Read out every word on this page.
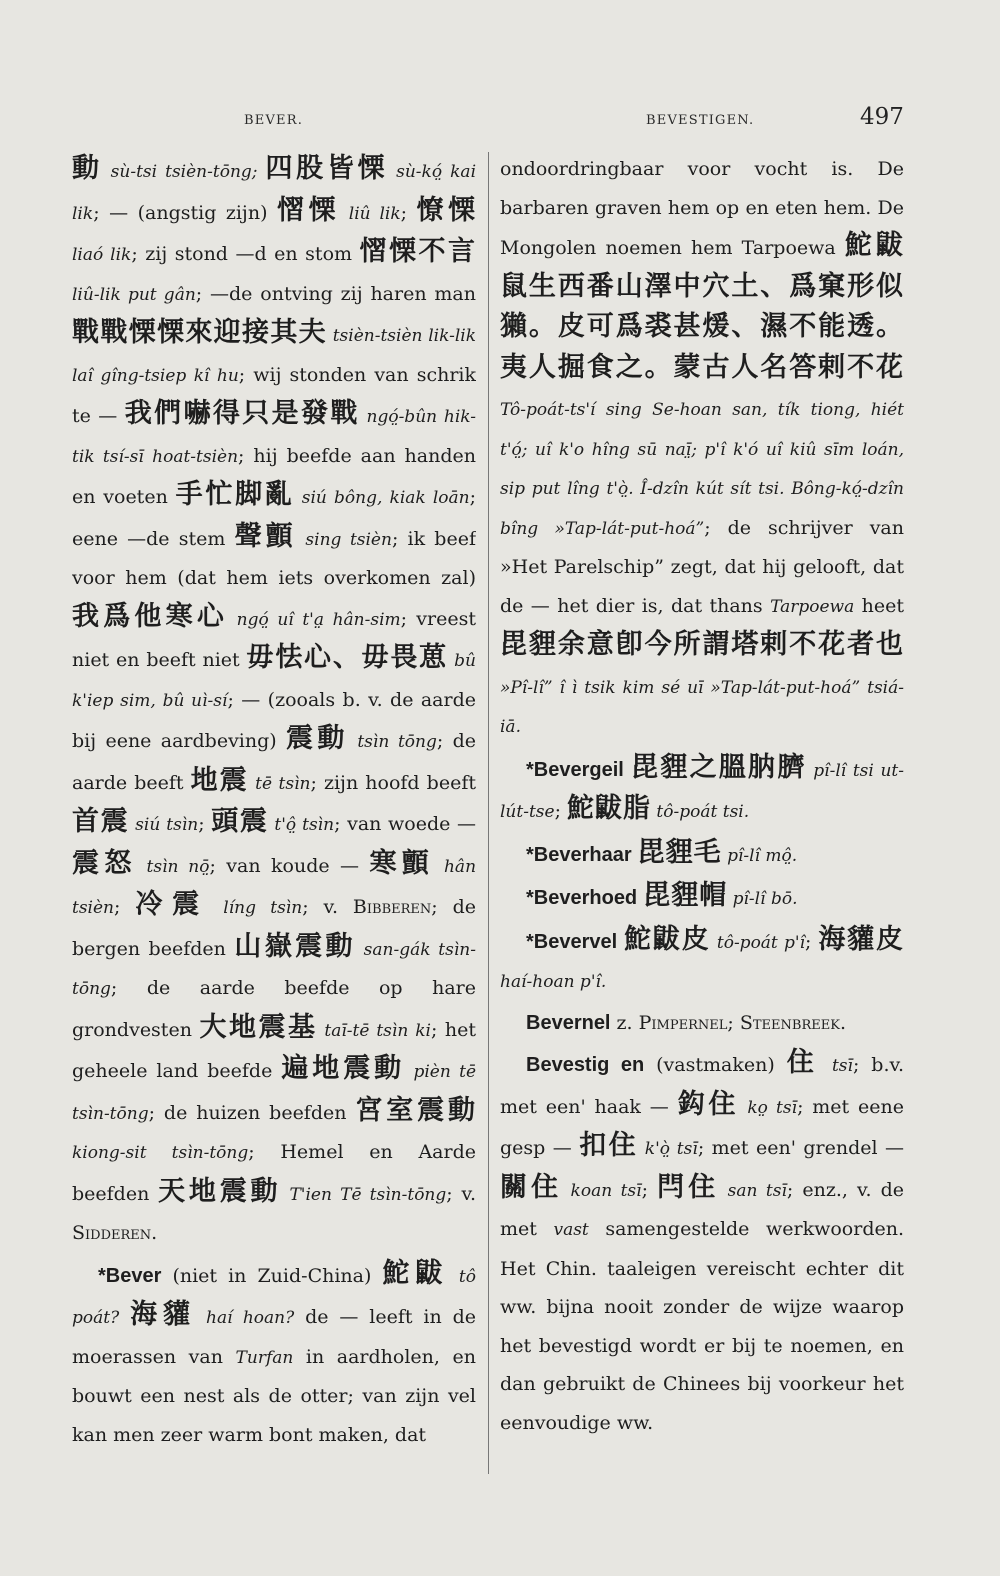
BEVER.	BEVESTIGEN.	497

動 sù-tsi tsièn-tōng; 四股皆慄 sù-kó̤ kai lik; — (angstig zijn) 慴慄 liû lik; 憭慄 liaó lik; zij stond —d en stom 慴慄不言 liû-lik put gân; —de ontving zij haren man 戰戰慄慄來迎接其夫 tsièn-tsièn lik-lik laî gîng-tsiep kî hu; wij stonden van schrik te — 我們嚇得只是發戰 ngó̤-bûn hik-tik tsí-sī hoat-tsièn; hij beefde aan handen en voeten 手忙脚亂 siú bông, kiak loān; eene —de stem 聲顫 sing tsièn; ik beef voor hem (dat hem iets overkomen zal) 我爲他寒心 ngó̤ uî t'a̤ hân-sim; vreest niet en beeft niet 毋怯心、毋畏葸 bû k'iep sim, bû uì-sí; — (zooals b. v. de aarde bij eene aardbeving) 震動 tsìn tōng; de aarde beeft 地震 tē tsìn; zijn hoofd beeft 首震 siú tsìn; 頭震 t'ô̤ tsìn; van woede — 震怒 tsìn nō̤; van koude — 寒顫 hân tsièn; 冷震 líng tsìn; v. Bibberen; de bergen beefden 山嶽震動 san-gák tsìn-tōng; de aarde beefde op hare grondvesten 大地震基 taī-tē tsìn ki; het geheele land beefde 遍地震動 pièn tē tsìn-tōng; de huizen beefden 宮室震動 kiong-sit tsìn-tōng; Hemel en Aarde beefden 天地震動 T'ien Tē tsìn-tōng; v. Sidderen.

*Bever (niet in Zuid-China) 鮀鼥 tô poát? 海貛 haí hoan? de — leeft in de moerassen van Turfan in aardholen, en bouwt een nest als de otter; van zijn vel kan men zeer warm bont maken, dat

ondoordringbaar voor vocht is. De barbaren graven hem op en eten hem. De Mongolen noemen hem Tarpoewa 鮀鼥鼠生西番山澤中穴土、爲窠形似獺。皮可爲裘甚煖、濕不能透。夷人掘食之。蒙古人名答剌不花 Tô-poát-ts'í sing Se-hoan san, tík tiong, hiét t'ó̤; uî k'o hîng sū naī̤; p'î k'ó uî kiû sīm loán, sip put lîng t'ò̤. Î-dzîn kút sít tsi. Bông-kó̤-dzîn bîng »Tap-lát-put-hoá”; de schrijver van »Het Parelschip” zegt, dat hij gelooft, dat de — het dier is, dat thans Tarpoewa heet 毘貍余意卽今所謂塔剌不花者也 »Pî-lî” î ì tsik kim sé uī »Tap-lát-put-hoá” tsiá-iā.

*Bevergeil 毘貍之膃肭臍 pî-lî tsi ut-lút-tse; 鮀鼥脂 tô-poát tsi.

*Beverhaar 毘貍毛 pî-lî mô̤.

*Beverhoed 毘貍帽 pî-lî bō.

*Bevervel 鮀鼥皮 tô-poát p'î; 海貛皮 haí-hoan p'î.

Bevernel z. Pimpernel; Steenbreek.

Bevestig en (vastmaken) 住 tsī; b.v. met een' haak — 鈎住 ko̤ tsī; met eene gesp — 扣住 k'ò̤ tsī; met een' grendel — 關住 koan tsī; 閂住 san tsī; enz., v. de met vast samengestelde werkwoorden. Het Chin. taaleigen vereischt echter dit ww. bijna nooit zonder de wijze waarop het bevestigd wordt er bij te noemen, en dan gebruikt de Chinees bij voorkeur het eenvoudige ww.
